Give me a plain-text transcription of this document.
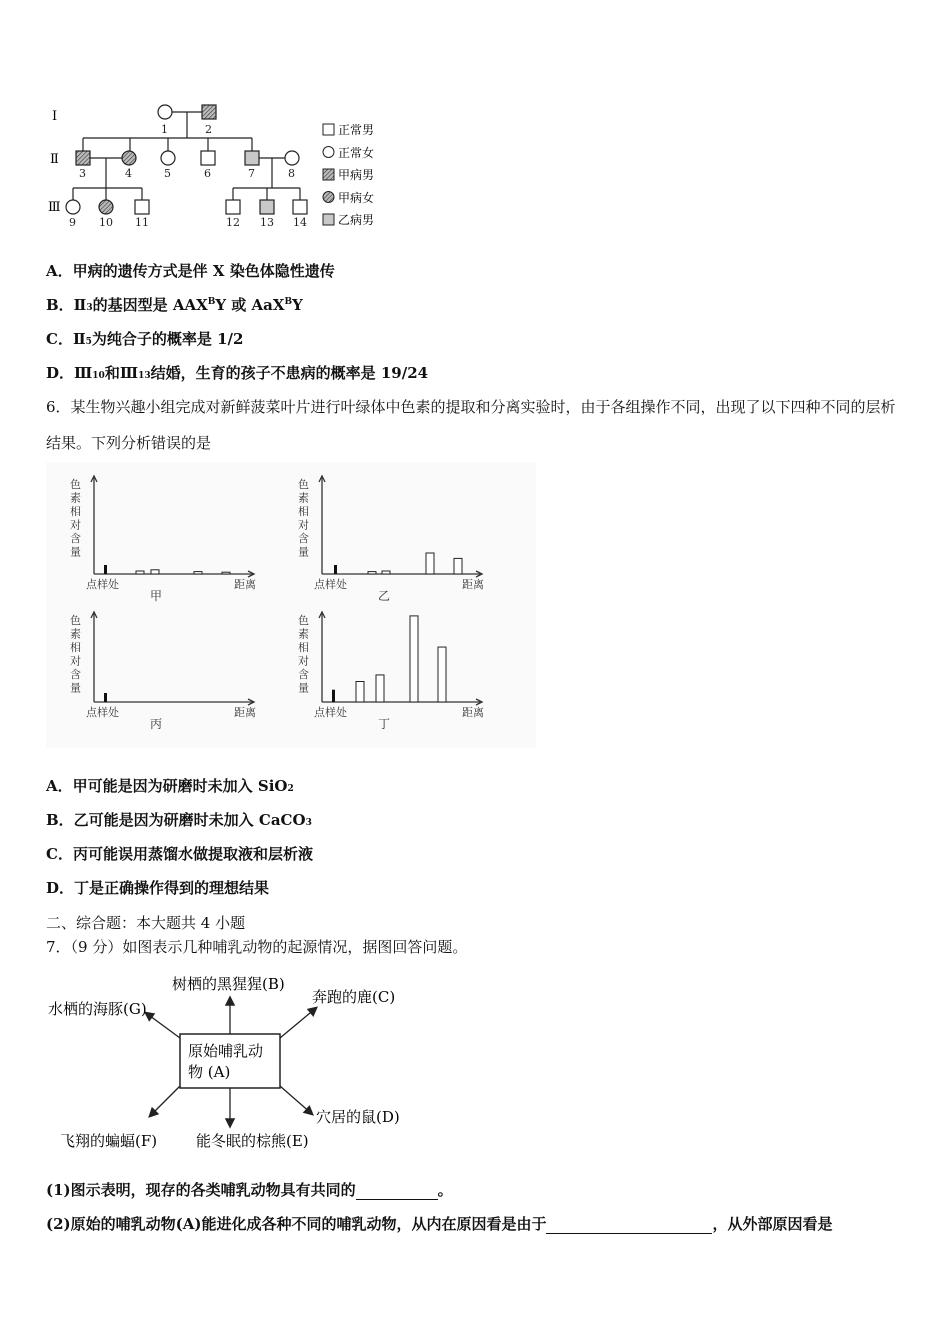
Ⅰ
Ⅱ
Ⅲ
1	2
3	4	5	6	7	8
9 10 11	12 13 14
正常男
正常女
甲病男
甲病女
乙病男
A．甲病的遗传方式是伴 X 染色体隐性遗传
B．Ⅱ3的基因型是 $AAX^BY$ 或 AaX$^B$Y
C．Ⅱ5为纯合子的概率是 1/2
D．Ⅲ10和Ⅲ13结婚，生育的孩子不患病的概率是 19/24
6．某生物兴趣小组完成对新鲜菠菜叶片进行叶绿体中色素的提取和分离实验时，由于各组操作不同，出现了以下四种不同的层析结果。下列分析错误的是
色
素
相
对
含
量
点样处	距离
甲
色
素
相
对
含
量
点样处	距离
乙
色
素
相
对
含
量
点样处	距离
丙
色
素
相
对
含
量
点样处	距离
丁
A．甲可能是因为研磨时未加入 SiO2
B．乙可能是因为研磨时未加入 CaCO3
C．丙可能误用蒸馏水做提取液和层析液
D．丁是正确操作得到的理想结果
二、综合题：本大题共 4 小题
7．（9 分）如图表示几种哺乳动物的起源情况，据图回答问题。
原始哺乳动
物 (A)
树栖的黑猩猩(B)
奔跑的鹿(C)
水栖的海豚(G)
穴居的鼠(D)
飞翔的蝙蝠(F)	能冬眠的棕熊(E)
(1)图示表明，现存的各类哺乳动物具有共同的	。
(2)原始的哺乳动物(A)能进化成各种不同的哺乳动物，从内在原因看是由于	，从外部原因看是
